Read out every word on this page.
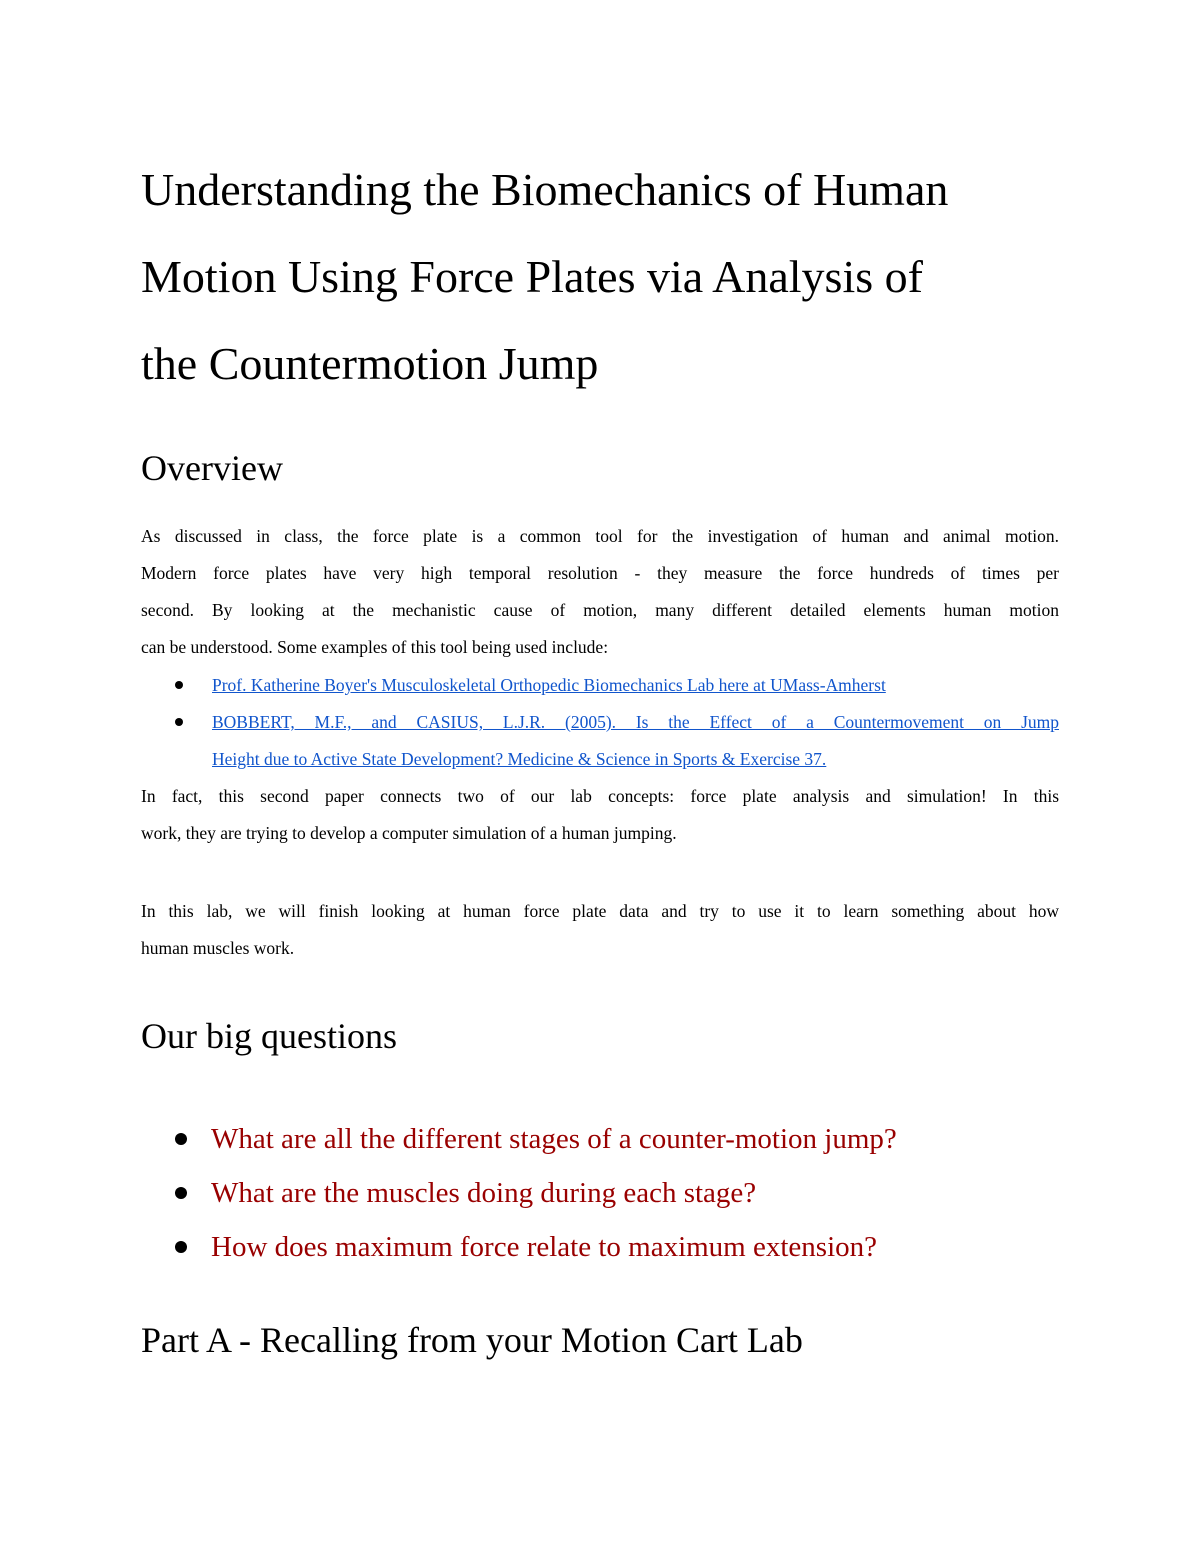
Understanding the Biomechanics of Human
Motion Using Force Plates via Analysis of
the Countermotion Jump
Overview

As discussed in class, the force plate is a common tool for the investigation of human and animal motion.
Modern force plates have very high temporal resolution - they measure the force hundreds of times per
second. By looking at the mechanistic cause of motion, many different detailed elements human motion
can be understood. Some examples of this tool being used include:

Prof. Katherine Boyer's Musculoskeletal Orthopedic Biomechanics Lab here at UMass-Amherst
BOBBERT, M.F., and CASIUS, L.J.R. (2005). Is the Effect of a Countermovement on Jump
Height due to Active State Development? Medicine & Science in Sports & Exercise 37.

In fact, this second paper connects two of our lab concepts: force plate analysis and simulation! In this
work, they are trying to develop a computer simulation of a human jumping.

In this lab, we will finish looking at human force plate data and try to use it to learn something about how
human muscles work.

Our big questions
What are all the different stages of a counter-motion jump?
What are the muscles doing during each stage?
How does maximum force relate to maximum extension?
Part A - Recalling from your Motion Cart Lab
